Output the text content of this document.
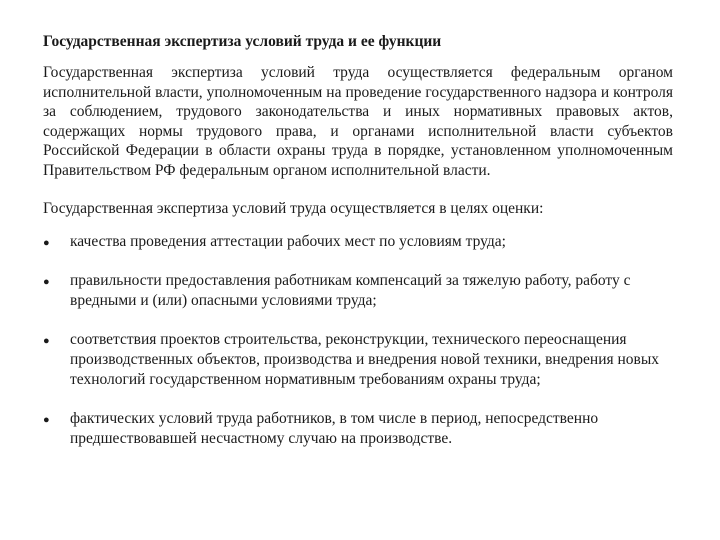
Государственная экспертиза условий труда и ее функции

Государственная экспертиза условий труда осуществляется федеральным органом исполнительной власти, уполномоченным на проведение государственного надзора и контроля за соблюдением, трудового законодательства и иных нормативных правовых актов, содержащих нормы трудового права, и органами исполнительной власти субъектов Российской Федерации в области охраны труда в порядке, установленном уполномоченным Правительством РФ федеральным органом исполнительной власти.

Государственная экспертиза условий труда осуществляется в целях оценки:

● качества проведения аттестации рабочих мест по условиям труда;
● правильности предоставления работникам компенсаций за тяжелую работу, работу с вредными и (или) опасными условиями труда;
● соответствия проектов строительства, реконструкции, технического переоснащения производственных объектов, производства и внедрения новой техники, внедрения новых технологий государственном нормативным требованиям охраны труда;
● фактических условий труда работников, в том числе в период, непосредственно предшествовавшей несчастному случаю на производстве.
